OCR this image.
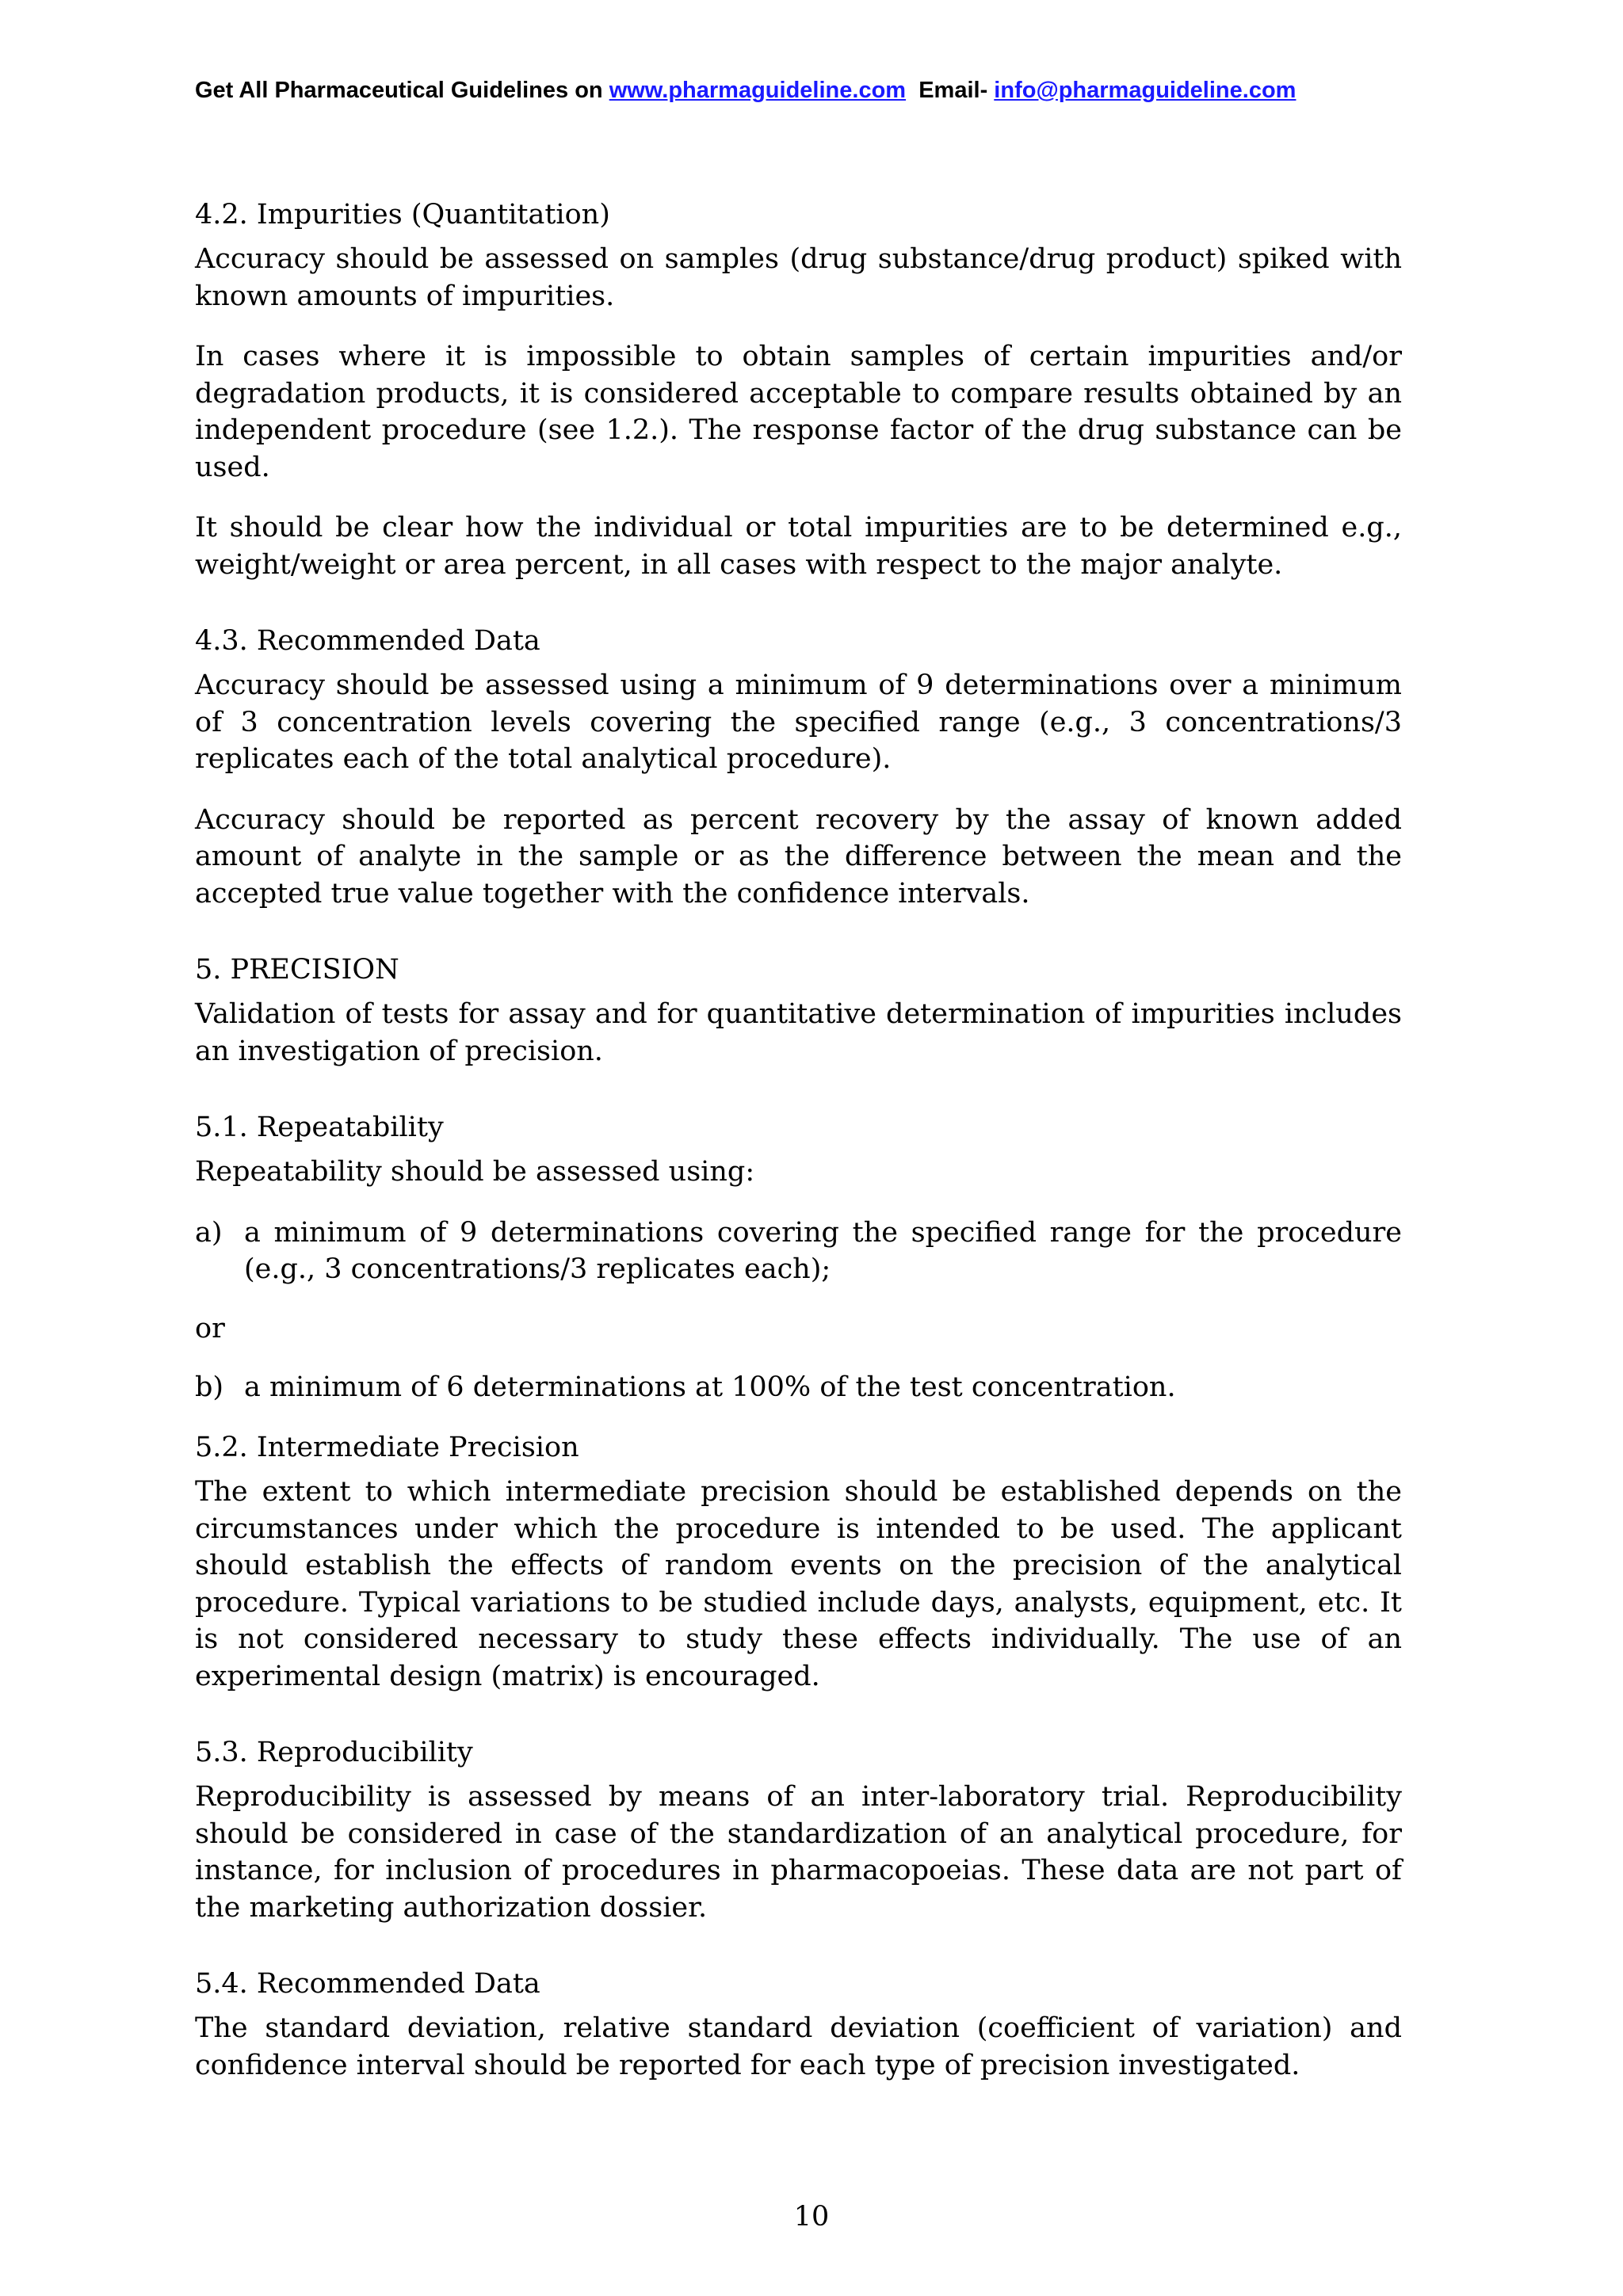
Get All Pharmaceutical Guidelines on www.pharmaguideline.com Email- info@pharmaguideline.com
4.2. Impurities (Quantitation)

Accuracy should be assessed on samples (drug substance/drug product) spiked with known amounts of impurities.

In cases where it is impossible to obtain samples of certain impurities and/or degradation products, it is considered acceptable to compare results obtained by an independent procedure (see 1.2.). The response factor of the drug substance can be used.

It should be clear how the individual or total impurities are to be determined e.g., weight/weight or area percent, in all cases with respect to the major analyte.

4.3. Recommended Data

Accuracy should be assessed using a minimum of 9 determinations over a minimum of 3 concentration levels covering the specified range (e.g., 3 concentrations/3 replicates each of the total analytical procedure).

Accuracy should be reported as percent recovery by the assay of known added amount of analyte in the sample or as the difference between the mean and the accepted true value together with the confidence intervals.

5. PRECISION

Validation of tests for assay and for quantitative determination of impurities includes an investigation of precision.

5.1. Repeatability

Repeatability should be assessed using:

a) a minimum of 9 determinations covering the specified range for the procedure (e.g., 3 concentrations/3 replicates each);
or
b) a minimum of 6 determinations at 100% of the test concentration.
5.2. Intermediate Precision

The extent to which intermediate precision should be established depends on the circumstances under which the procedure is intended to be used. The applicant should establish the effects of random events on the precision of the analytical procedure. Typical variations to be studied include days, analysts, equipment, etc. It is not considered necessary to study these effects individually. The use of an experimental design (matrix) is encouraged.

5.3. Reproducibility

Reproducibility is assessed by means of an inter-laboratory trial. Reproducibility should be considered in case of the standardization of an analytical procedure, for instance, for inclusion of procedures in pharmacopoeias. These data are not part of the marketing authorization dossier.

5.4. Recommended Data

The standard deviation, relative standard deviation (coefficient of variation) and confidence interval should be reported for each type of precision investigated.

10
